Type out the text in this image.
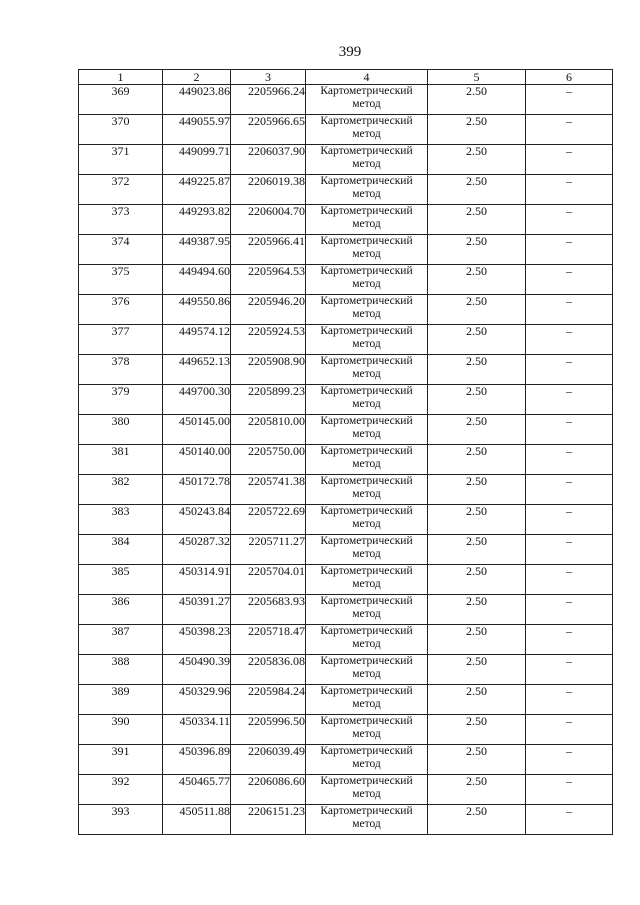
399
1	2	3	4	5	6
369	449023.86	2205966.24	Картометрический метод	2.50	–
370	449055.97	2205966.65	Картометрический метод	2.50	–
371	449099.71	2206037.90	Картометрический метод	2.50	–
372	449225.87	2206019.38	Картометрический метод	2.50	–
373	449293.82	2206004.70	Картометрический метод	2.50	–
374	449387.95	2205966.41	Картометрический метод	2.50	–
375	449494.60	2205964.53	Картометрический метод	2.50	–
376	449550.86	2205946.20	Картометрический метод	2.50	–
377	449574.12	2205924.53	Картометрический метод	2.50	–
378	449652.13	2205908.90	Картометрический метод	2.50	–
379	449700.30	2205899.23	Картометрический метод	2.50	–
380	450145.00	2205810.00	Картометрический метод	2.50	–
381	450140.00	2205750.00	Картометрический метод	2.50	–
382	450172.78	2205741.38	Картометрический метод	2.50	–
383	450243.84	2205722.69	Картометрический метод	2.50	–
384	450287.32	2205711.27	Картометрический метод	2.50	–
385	450314.91	2205704.01	Картометрический метод	2.50	–
386	450391.27	2205683.93	Картометрический метод	2.50	–
387	450398.23	2205718.47	Картометрический метод	2.50	–
388	450490.39	2205836.08	Картометрический метод	2.50	–
389	450329.96	2205984.24	Картометрический метод	2.50	–
390	450334.11	2205996.50	Картометрический метод	2.50	–
391	450396.89	2206039.49	Картометрический метод	2.50	–
392	450465.77	2206086.60	Картометрический метод	2.50	–
393	450511.88	2206151.23	Картометрический метод	2.50	–
